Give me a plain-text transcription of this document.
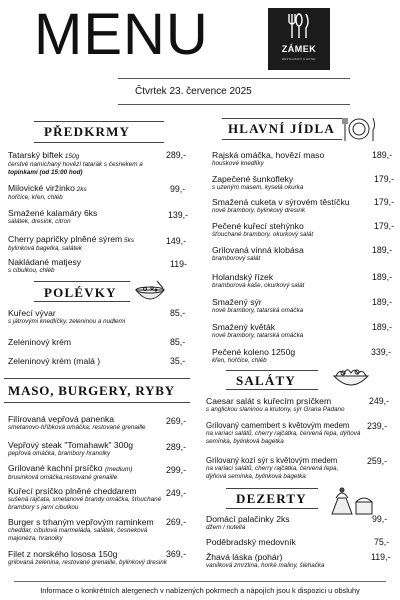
MENU	ZÁMEK
RESTAURANT & HOTEL
Čtvrtek 23. července 2025
PŘEDKRMY
Tatarský biftek 150g
čerstvě namíchaný hovězí tatarák s česnekem a
topinkami (od 15:00 hod)
289,-
Milovické viržinko 2ks
hořčice, křen, chléb
99,-
Smažené kalamáry 6ks
salátek, dresink, citron
139,-
Cherry papričky plněné sýrem 5ks
bylinková bagetka, salátek
149,-
Nakládané matjesy
s cibulkou, chléb
119-
POLÉVKY
Kuřecí vývar
s játrovými knedlíčky, zeleninou a nudlemi
85,-
Zeleninový krém	85,-
Zeleninový krém (malá )	35,-
MASO, BURGERY, RYBY
Filírovaná vepřová panenka
smetanovo-hříbková omáčka, restované grenaille
269,-
Vepřový steak "Tomahawk" 300g
pepřová omáčka, brambory hranolky
289,-
Grilované kachní prsíčko (medium)
brusinková omáčka,restované grenaille
299,-
Kuřecí prsíčko plněné cheddarem
sušená rajčata, smetanové brandy omáčka, šťouchané
brambory s jarní cibulkou
249,-
Burger s trhaným vepřovým raminkem
cheddar, cibulová marmeláda, salátek, česneková
majonéza, hranolky
269,-
Filet z norského lososa 150g
grilovaná zelenina, restované grenaille, bylinkový dresink
369,-
HLAVNÍ JÍDLA
Rajská omáčka, hovězí maso
houskové knedlíky
189,-
Zapečené šunkofleky
s uzeným masem, kyselá okurka
179,-
Smažená cuketa v sýrovém těstíčku
nové brambory, bylinkový dresink
179,-
Pečené kuřecí stehýnko
šťouchané brambory, okurkový salát
179,-
Grilovaná vinná klobása
bramborový salát
189,-
Holandský řízek
bramborová kaše, okurkový salát
189,-
Smažený sýr
nové brambory, tatarská omáčka
189,-
Smažený květák
nové brambory, tatarská omáčka
189,-
Pečené koleno 1250g
křen, hořčice, chléb
339,-
SALÁTY
Caesar salát s kuřecím prsíčkem
s anglickou slaninou a krutony, sýr Grana Padano
249,-
Grilovaný camembert s květovým medem
na variaci salátů, cherry rajčátka, červená řepa, dýňová
semínka, bylinková bagetka
239,-
Grilovaný kozí sýr s květovým medem
na variaci salátů, cherry rajčátka, červená řepa,
dýňová semínka, bylinková bagetka
259,-
DEZERTY
Domácí palačinky 2ks
džem / nutella
99,-
Poděbradský medovník	75,-
Žhavá láska (pohár)
vanilková zmrzlina, horké maliny, šlehačka
119,-
Informace o konkrétních alergenech v nabízených pokrmech a nápojích jsou k dispozici u obsluhy
